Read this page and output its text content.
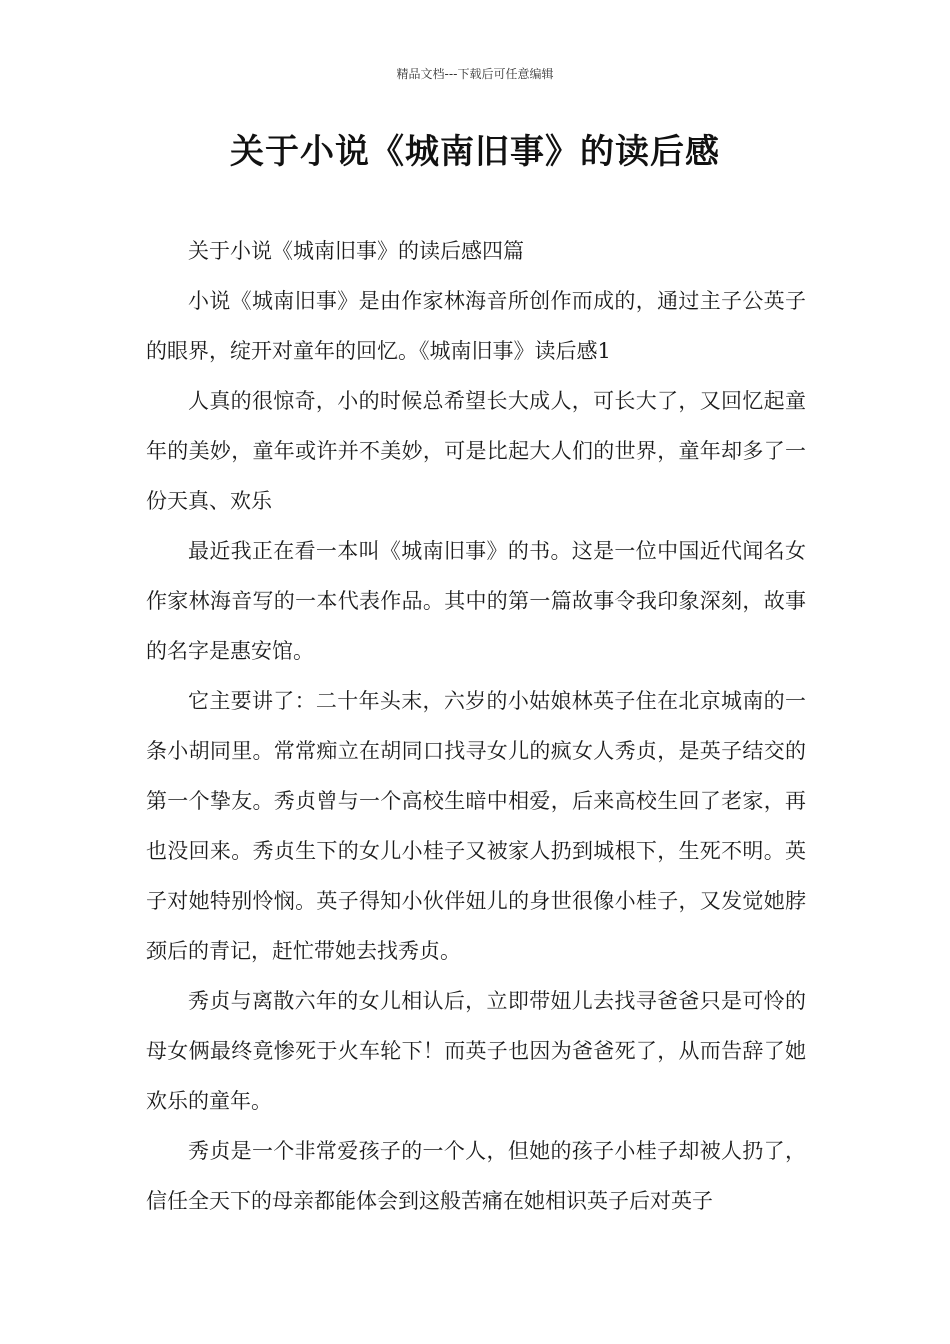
精品文档---下载后可任意编辑
关于小说《城南旧事》的读后感

关于小说《城南旧事》的读后感四篇

小说《城南旧事》是由作家林海音所创作而成的，通过主子公英子的眼界，绽开对童年的回忆。《城南旧事》读后感1

人真的很惊奇，小的时候总希望长大成人，可长大了，又回忆起童年的美妙，童年或许并不美妙，可是比起大人们的世界，童年却多了一份天真、欢乐

最近我正在看一本叫《城南旧事》的书。这是一位中国近代闻名女作家林海音写的一本代表作品。其中的第一篇故事令我印象深刻，故事的名字是惠安馆。

它主要讲了：二十年头末，六岁的小姑娘林英子住在北京城南的一条小胡同里。常常痴立在胡同口找寻女儿的疯女人秀贞，是英子结交的第一个挚友。秀贞曾与一个高校生暗中相爱，后来高校生回了老家，再也没回来。秀贞生下的女儿小桂子又被家人扔到城根下，生死不明。英子对她特别怜悯。英子得知小伙伴妞儿的身世很像小桂子，又发觉她脖颈后的青记，赶忙带她去找秀贞。

秀贞与离散六年的女儿相认后，立即带妞儿去找寻爸爸只是可怜的母女俩最终竟惨死于火车轮下！而英子也因为爸爸死了，从而告辞了她欢乐的童年。

秀贞是一个非常爱孩子的一个人，但她的孩子小桂子却被人扔了，信任全天下的母亲都能体会到这般苦痛在她相识英子后对英子
